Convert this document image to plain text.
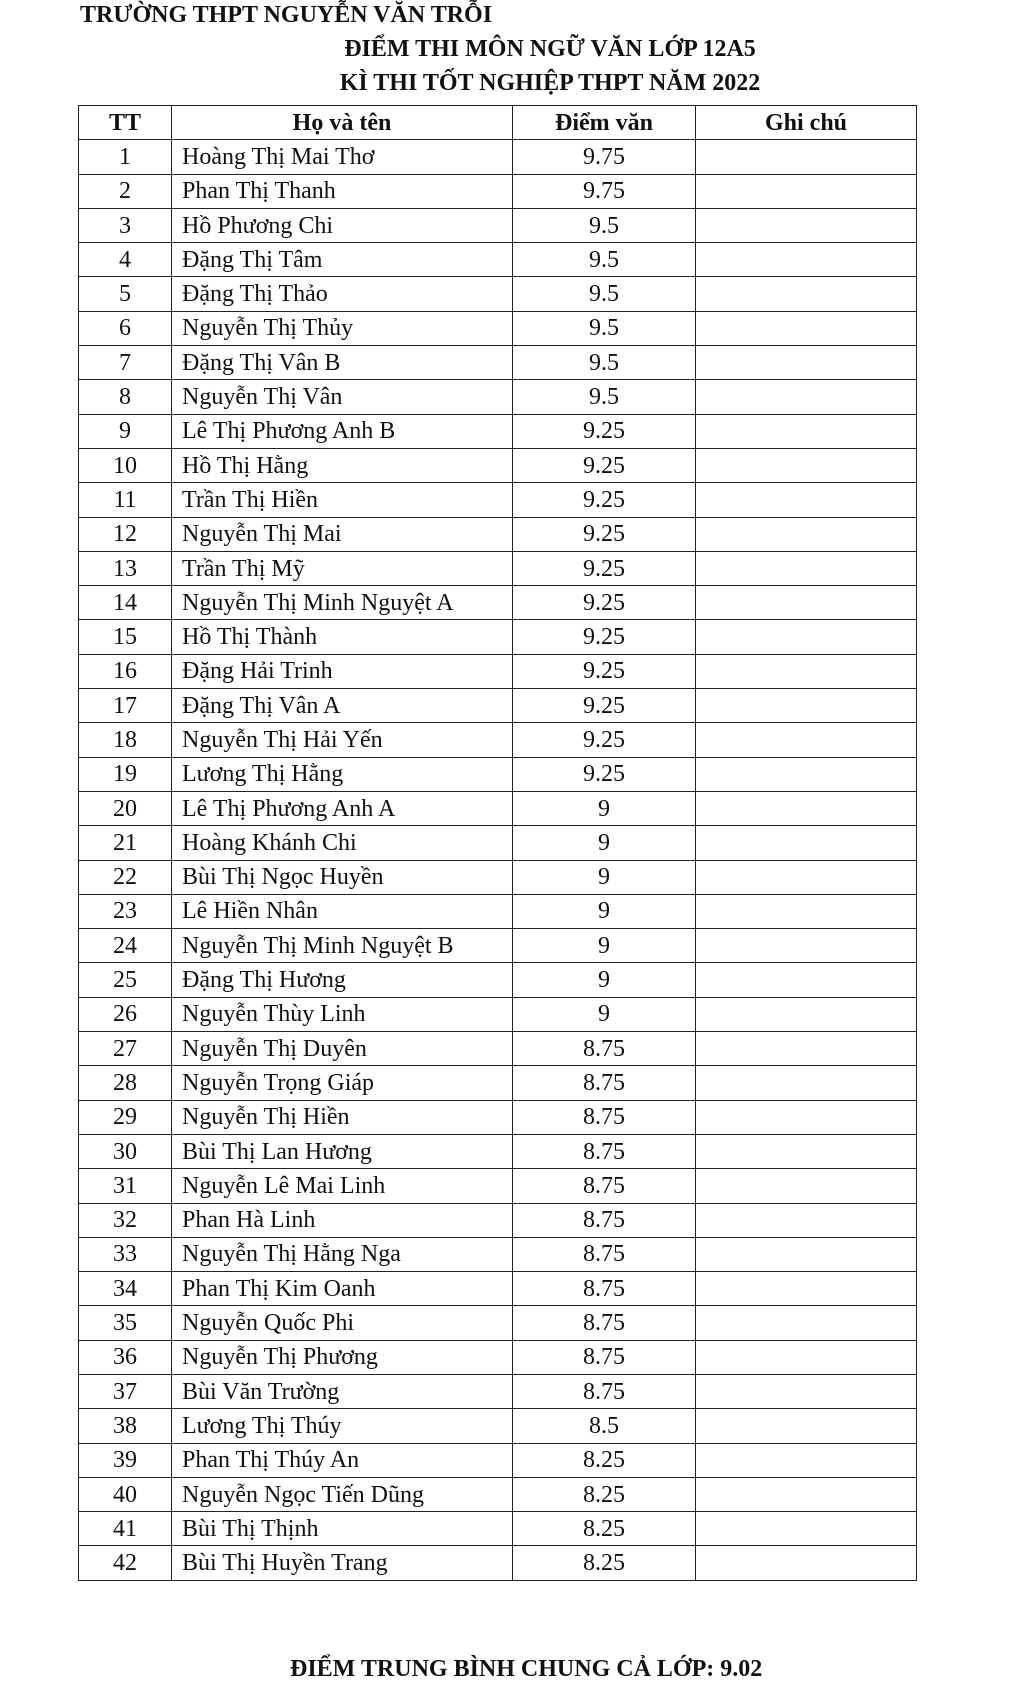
TRƯỜNG THPT NGUYỄN VĂN TRỖI
ĐIỂM THI MÔN NGỮ VĂN LỚP 12A5
KÌ THI TỐT NGHIỆP THPT NĂM 2022
TT	Họ và tên	Điểm văn	Ghi chú
1	Hoàng Thị Mai Thơ	9.75	
2	Phan Thị Thanh	9.75	
3	Hồ Phương Chi	9.5	
4	Đặng Thị Tâm	9.5	
5	Đặng Thị Thảo	9.5	
6	Nguyễn Thị Thủy	9.5	
7	Đặng Thị Vân B	9.5	
8	Nguyễn Thị Vân	9.5	
9	Lê Thị Phương Anh B	9.25	
10	Hồ Thị Hằng	9.25	
11	Trần Thị Hiền	9.25	
12	Nguyễn Thị Mai	9.25	
13	Trần Thị Mỹ	9.25	
14	Nguyễn Thị Minh Nguyệt A	9.25	
15	Hồ Thị Thành	9.25	
16	Đặng Hải Trinh	9.25	
17	Đặng Thị Vân A	9.25	
18	Nguyễn Thị Hải Yến	9.25	
19	Lương Thị Hằng	9.25	
20	Lê Thị Phương Anh A	9	
21	Hoàng Khánh Chi	9	
22	Bùi Thị Ngọc Huyền	9	
23	Lê Hiền Nhân	9	
24	Nguyễn Thị Minh Nguyệt B	9	
25	Đặng Thị Hương	9	
26	Nguyễn Thùy Linh	9	
27	Nguyễn Thị Duyên	8.75	
28	Nguyễn Trọng Giáp	8.75	
29	Nguyễn Thị Hiền	8.75	
30	Bùi Thị Lan Hương	8.75	
31	Nguyễn Lê Mai Linh	8.75	
32	Phan Hà Linh	8.75	
33	Nguyễn Thị Hằng Nga	8.75	
34	Phan Thị Kim Oanh	8.75	
35	Nguyễn Quốc Phi	8.75	
36	Nguyễn Thị Phương	8.75	
37	Bùi Văn Trường	8.75	
38	Lương Thị Thúy	8.5	
39	Phan Thị Thúy An	8.25	
40	Nguyễn Ngọc Tiến Dũng	8.25	
41	Bùi Thị Thịnh	8.25	
42	Bùi Thị Huyền Trang	8.25	
ĐIỂM TRUNG BÌNH CHUNG CẢ LỚP: 9.02
